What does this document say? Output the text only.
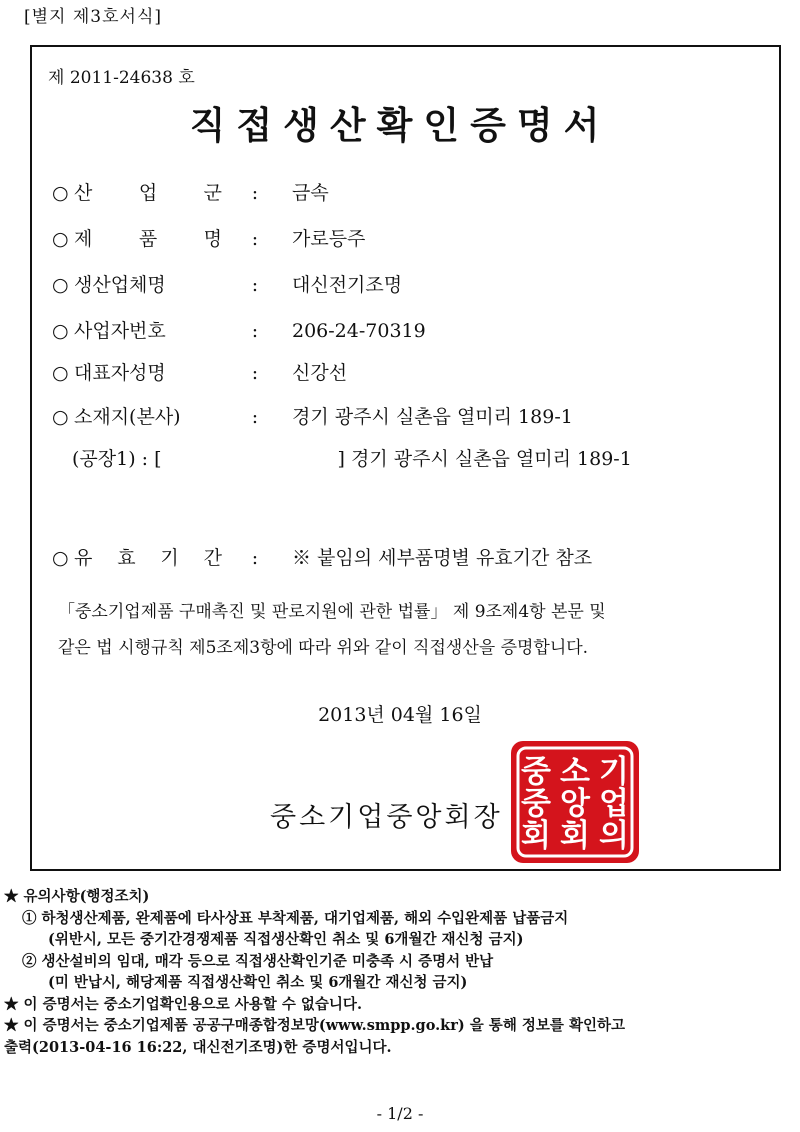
[별지 제3호서식]
제 2011-24638 호
직접생산확인증명서
○ 산 업 군 : 금속
○ 제 품 명 : 가로등주
○ 생산업체명	: 대신전기조명
○ 사업자번호	: 206-24-70319
○ 대표자성명	: 신강선
○ 소재지(본사)	: 경기 광주시 실촌읍 열미리 189-1
(공장1) : [	] 경기 광주시 실촌읍 열미리 189-1
○ 유 효 기 간 : ※ 붙임의 세부품명별 유효기간 참조
「중소기업제품 구매촉진 및 판로지원에 관한 법률」 제 9조제4항 본문 및
같은 법 시행규칙 제5조제3항에 따라 위와 같이 직접생산을 증명합니다.
2013년 04월 16일
중소기업중앙회장
기
업
의
소
앙
회
중
중
회
★ 유의사항(행정조치)
① 하청생산제품, 완제품에 타사상표 부착제품, 대기업제품, 해외 수입완제품 납품금지
(위반시, 모든 중기간경쟁제품 직접생산확인 취소 및 6개월간 재신청 금지)
② 생산설비의 임대, 매각 등으로 직접생산확인기준 미충족 시 증명서 반납
(미 반납시, 해당제품 직접생산확인 취소 및 6개월간 재신청 금지)
★ 이 증명서는 중소기업확인용으로 사용할 수 없습니다.
★ 이 증명서는 중소기업제품 공공구매종합정보망(www.smpp.go.kr) 을 통해 정보를 확인하고
출력(2013-04-16 16:22, 대신전기조명)한 증명서입니다.
- 1/2 -
